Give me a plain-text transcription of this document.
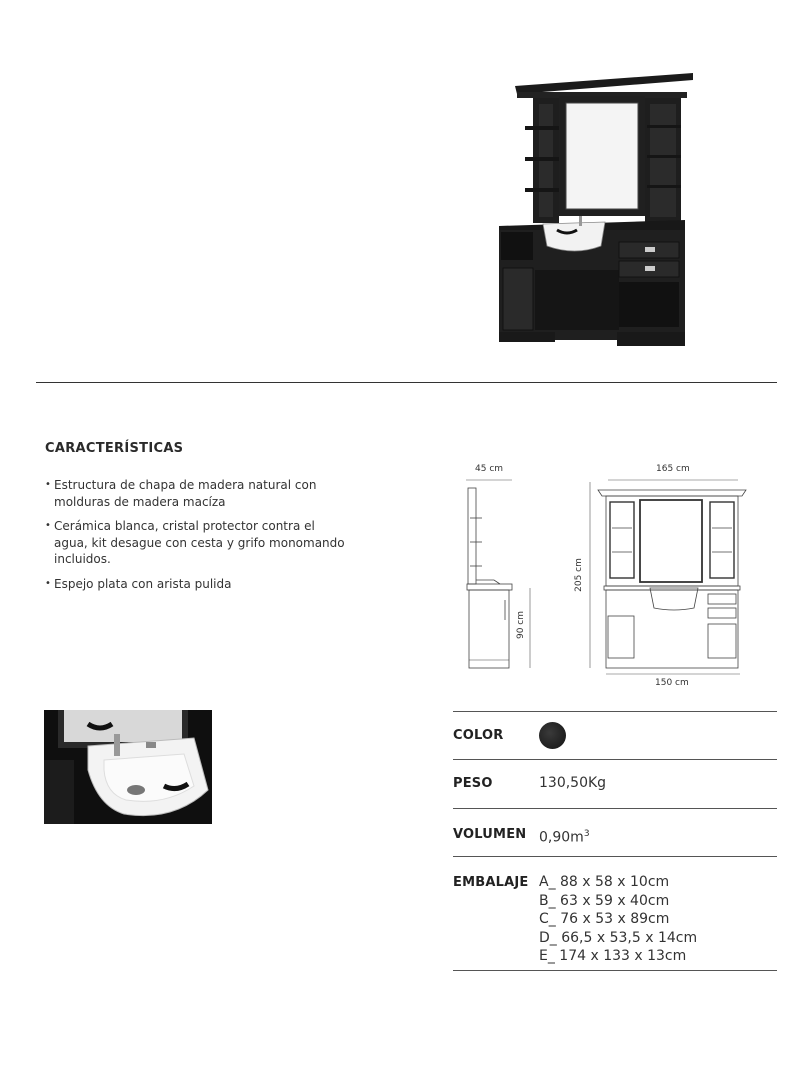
CARACTERÍSTICAS
• Estructura de chapa de madera natural con molduras de madera macíza
• Cerámica blanca, cristal protector contra el agua, kit desague con cesta y grifo monomando incluidos.
• Espejo plata con arista pulida
45 cm	165 cm
205 cm
90 cm
150 cm
COLOR
PESO	130,50Kg
VOLUMEN $0,90m^3$
EMBALAJE A_ 88 x 58 x 10cm
B_ 63 x 59 x 40cm
C_ 76 x 53 x 89cm
D_ 66,5 x 53,5 x 14cm
E_ 174 x 133 x 13cm
